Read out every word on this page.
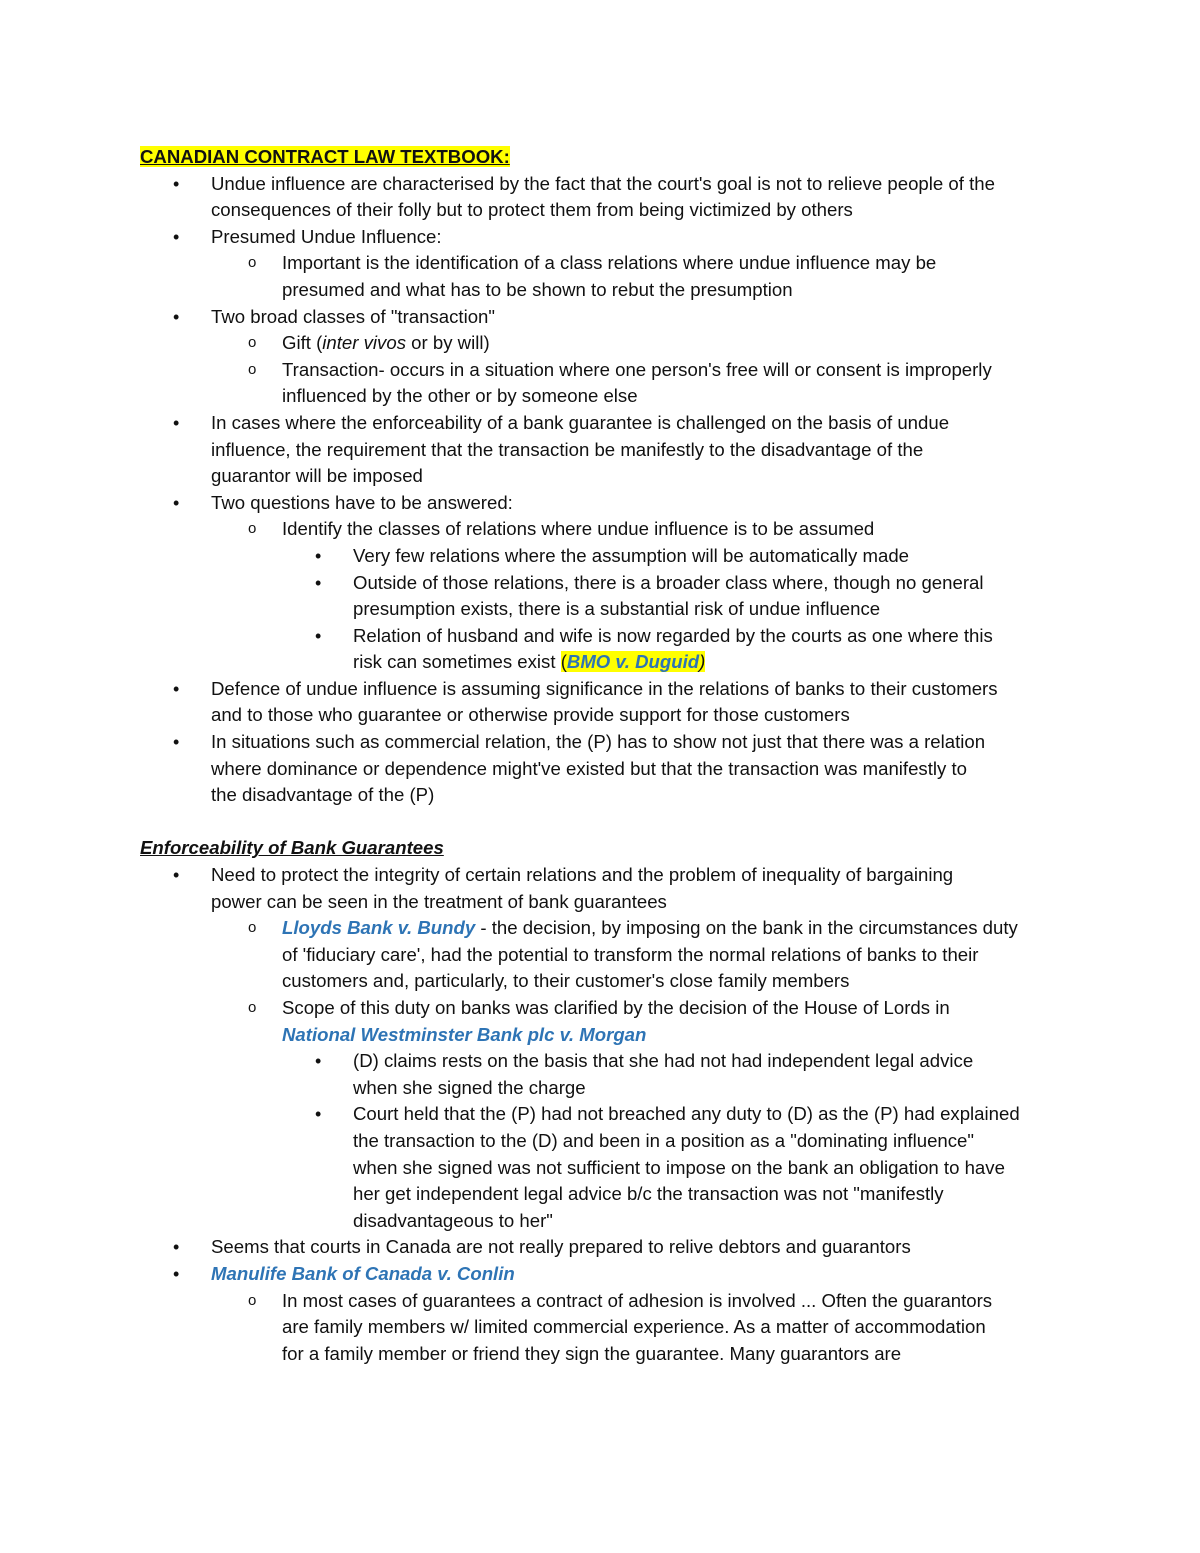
CANADIAN CONTRACT LAW TEXTBOOK:
• Undue influence are characterised by the fact that the court's goal is not to relieve people of the
consequences of their folly but to protect them from being victimized by others
• Presumed Undue Influence:
o Important is the identification of a class relations where undue influence may be
presumed and what has to be shown to rebut the presumption
• Two broad classes of "transaction"
o Gift (inter vivos or by will)
o Transaction- occurs in a situation where one person's free will or consent is improperly
influenced by the other or by someone else
• In cases where the enforceability of a bank guarantee is challenged on the basis of undue
influence, the requirement that the transaction be manifestly to the disadvantage of the
guarantor will be imposed
• Two questions have to be answered:
o Identify the classes of relations where undue influence is to be assumed
• Very few relations where the assumption will be automatically made
• Outside of those relations, there is a broader class where, though no general
presumption exists, there is a substantial risk of undue influence
• Relation of husband and wife is now regarded by the courts as one where this
risk can sometimes exist (BMO v. Duguid)
• Defence of undue influence is assuming significance in the relations of banks to their customers
and to those who guarantee or otherwise provide support for those customers
• In situations such as commercial relation, the (P) has to show not just that there was a relation
where dominance or dependence might've existed but that the transaction was manifestly to
the disadvantage of the (P)
Enforceability of Bank Guarantees
• Need to protect the integrity of certain relations and the problem of inequality of bargaining
power can be seen in the treatment of bank guarantees
o Lloyds Bank v. Bundy - the decision, by imposing on the bank in the circumstances duty
of 'fiduciary care', had the potential to transform the normal relations of banks to their
customers and, particularly, to their customer's close family members
o Scope of this duty on banks was clarified by the decision of the House of Lords in
National Westminster Bank plc v. Morgan
• (D) claims rests on the basis that she had not had independent legal advice
when she signed the charge
• Court held that the (P) had not breached any duty to (D) as the (P) had explained
the transaction to the (D) and been in a position as a "dominating influence"
when she signed was not sufficient to impose on the bank an obligation to have
her get independent legal advice b/c the transaction was not "manifestly
disadvantageous to her"
• Seems that courts in Canada are not really prepared to relive debtors and guarantors
• Manulife Bank of Canada v. Conlin
o In most cases of guarantees a contract of adhesion is involved ... Often the guarantors
are family members w/ limited commercial experience. As a matter of accommodation
for a family member or friend they sign the guarantee. Many guarantors are
